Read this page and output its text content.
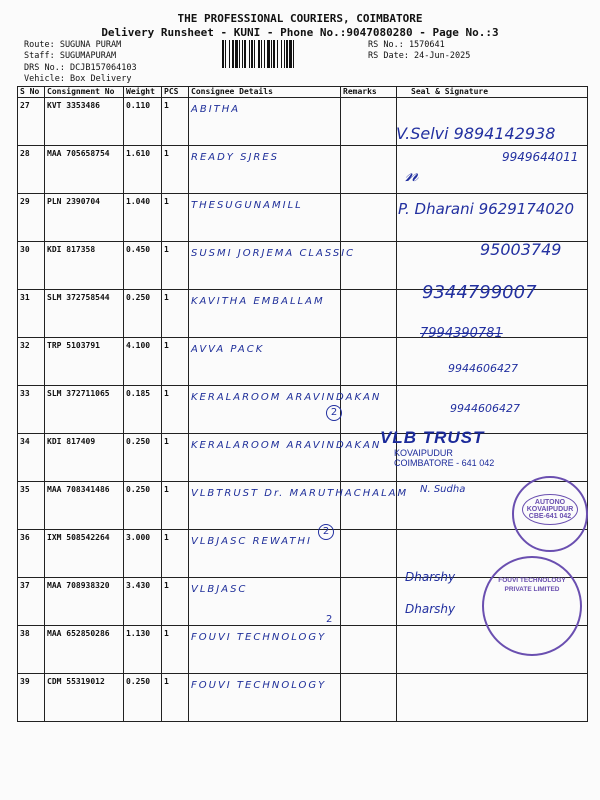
THE PROFESSIONAL COURIERS, COIMBATORE
Delivery Runsheet - KUNI - Phone No.:9047080280 - Page No.:3
Route: SUGUNA PURAM
Staff: SUGUMAPURAM
DRS No.: DCJB157064103
Vehicle: Box Delivery
RS No.: 1570641
RS Date: 24-Jun-2025
S No	Consignment No	Weight	PCS	Consignee Details	Remarks	Seal & Signature
27	KVT 3353486	0.110	1	ABITHA		
28	MAA 705658754	1.610	1	READY SJRES		
29	PLN 2390704	1.040	1	THESUGUNAMILL		
30	KDI 817358	0.450	1	SUSMI JORJEMA CLASSIC		
31	SLM 372758544	0.250	1	KAVITHA EMBALLAM		
32	TRP 5103791	4.100	1	AVVA PACK		
33	SLM 372711065	0.185	1	KERALAROOM ARAVINDAKAN		
34	KDI 817409	0.250	1	KERALAROOM ARAVINDAKAN		
35	MAA 708341486	0.250	1	VLBTRUST Dr. MARUTHACHALAM		
36	IXM 508542264	3.000	1	VLBJASC REWATHI		
37	MAA 708938320	3.430	1	VLBJASC		
38	MAA 652850286	1.130	1	FOUVI TECHNOLOGY		
39	CDM 55319012	0.250	1	FOUVI TECHNOLOGY		
V.Selvi 9894142938
9949644011
𝓃
P. Dharani 9629174020
95003749
9344799007
7994390781
9944606427
9944606427
N. Sudha
Dharshy
Dharshy
2
2
2
VLB TRUST
KOVAIPUDUR
COIMBATORE - 641 042
AUTONO
KOVAIPUDUR
CBE-641 042
FOUVI TECHNOLOGY PRIVATE LIMITED
